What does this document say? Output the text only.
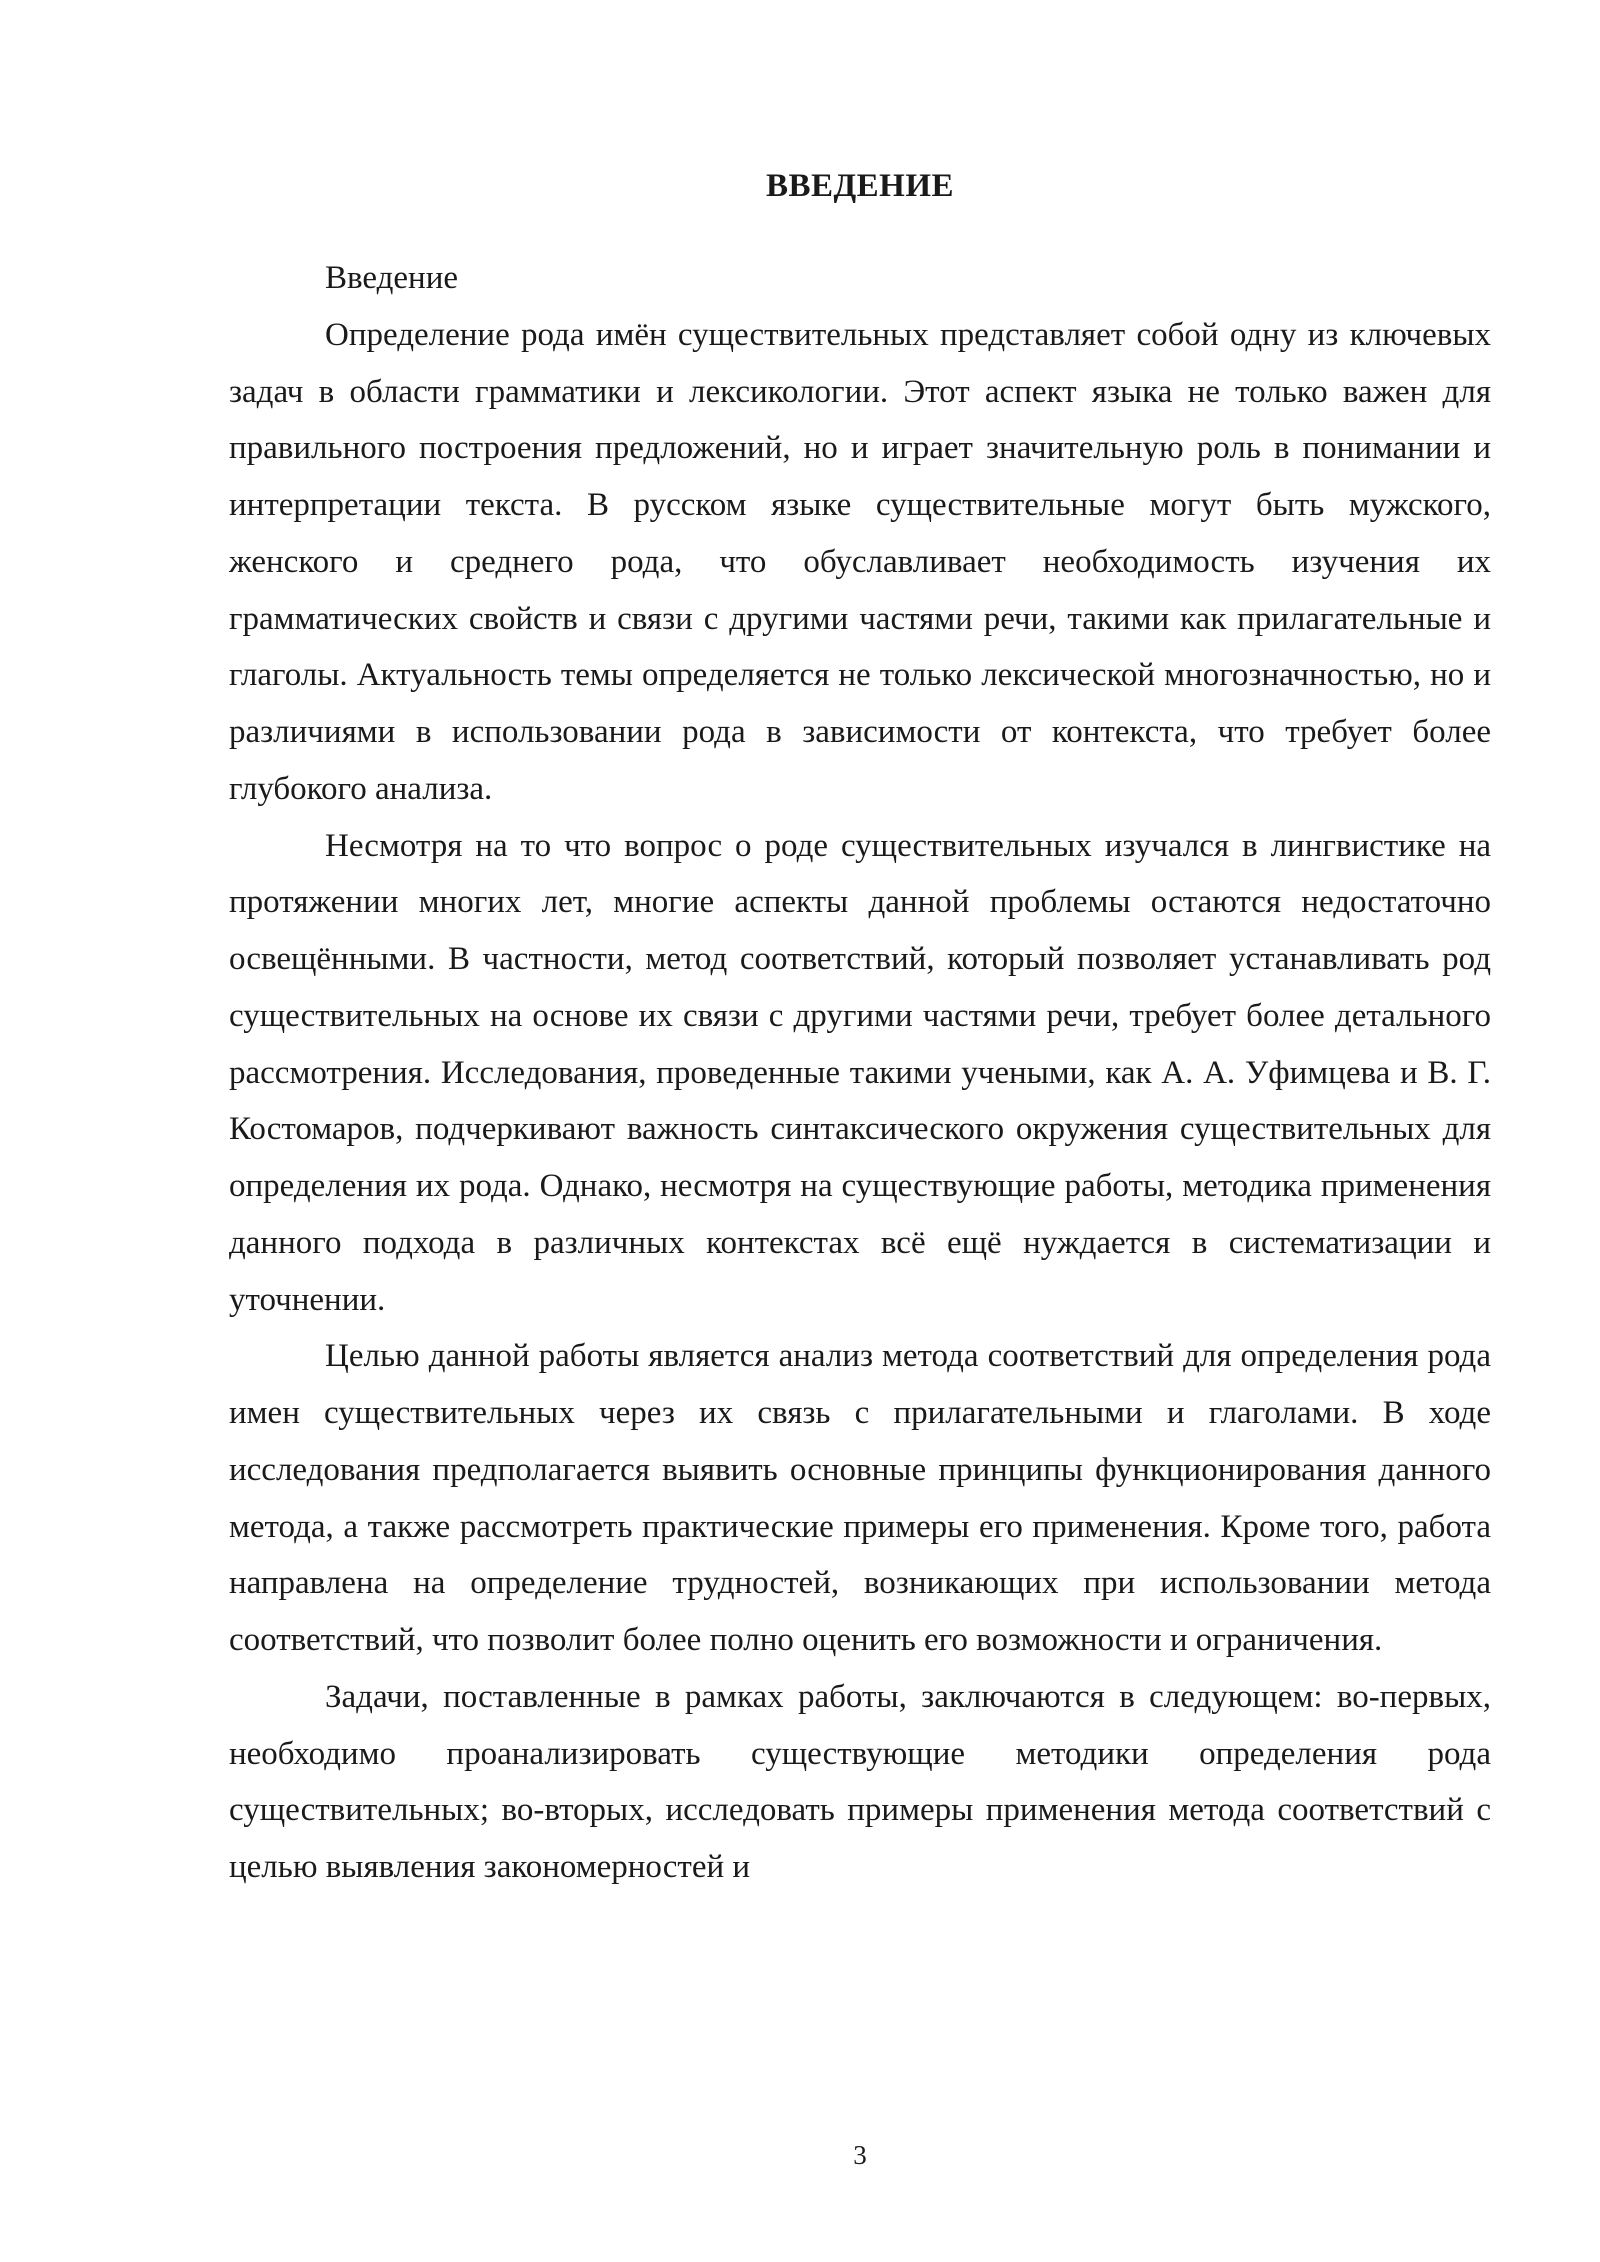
ВВЕДЕНИЕ

Введение

Определение рода имён существительных представляет собой одну из ключевых задач в области грамматики и лексикологии. Этот аспект языка не только важен для правильного построения предложений, но и играет значительную роль в понимании и интерпретации текста. В русском языке существительные могут быть мужского, женского и среднего рода, что обуславливает необходимость изучения их грамматических свойств и связи с другими частями речи, такими как прилагательные и глаголы. Актуальность темы определяется не только лексической многозначностью, но и различиями в использовании рода в зависимости от контекста, что требует более глубокого анализа.

Несмотря на то что вопрос о роде существительных изучался в лингвистике на протяжении многих лет, многие аспекты данной проблемы остаются недостаточно освещёнными. В частности, метод соответствий, который позволяет устанавливать род существительных на основе их связи с другими частями речи, требует более детального рассмотрения. Исследования, проведенные такими учеными, как А. А. Уфимцева и В. Г. Костомаров, подчеркивают важность синтаксического окружения существительных для определения их рода. Однако, несмотря на существующие работы, методика применения данного подхода в различных контекстах всё ещё нуждается в систематизации и уточнении.

Целью данной работы является анализ метода соответствий для определения рода имен существительных через их связь с прилагательными и глаголами. В ходе исследования предполагается выявить основные принципы функционирования данного метода, а также рассмотреть практические примеры его применения. Кроме того, работа направлена на определение трудностей, возникающих при использовании метода соответствий, что позволит более полно оценить его возможности и ограничения.

Задачи, поставленные в рамках работы, заключаются в следующем: во-первых, необходимо проанализировать существующие методики определения рода существительных; во-вторых, исследовать примеры применения метода соответствий с целью выявления закономерностей и

3
